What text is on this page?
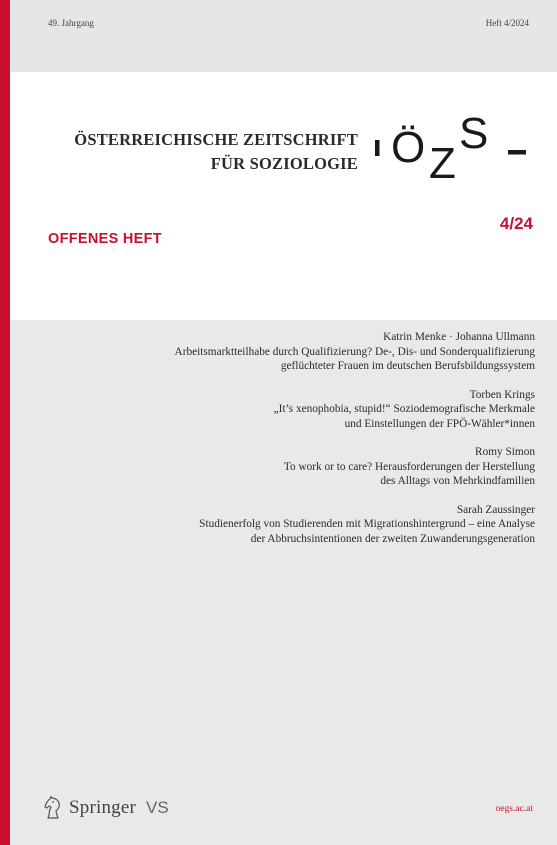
49. Jahrgang	Heft 4/2024
ÖSTERREICHISCHE ZEITSCHRIFT
FÜR SOZIOLOGIE Ö Z
S
OFFENES HEFT
4/24
Katrin Menke · Johanna Ullmann
Arbeitsmarktteilhabe durch Qualifizierung? De-, Dis- und Sonderqualifizierung
geflüchteter Frauen im deutschen Berufsbildungssystem
Torben Krings
„It’s xenophobia, stupid!“ Soziodemografische Merkmale
und Einstellungen der FPÖ-Wähler*innen
Romy Simon
To work or to care? Herausforderungen der Herstellung
des Alltags von Mehrkindfamilien
Sarah Zaussinger
Studienerfolg von Studierenden mit Migrationshintergrund – eine Analyse
der Abbruchsintentionen der zweiten Zuwanderungsgeneration
Springer VS	oegs.ac.at
